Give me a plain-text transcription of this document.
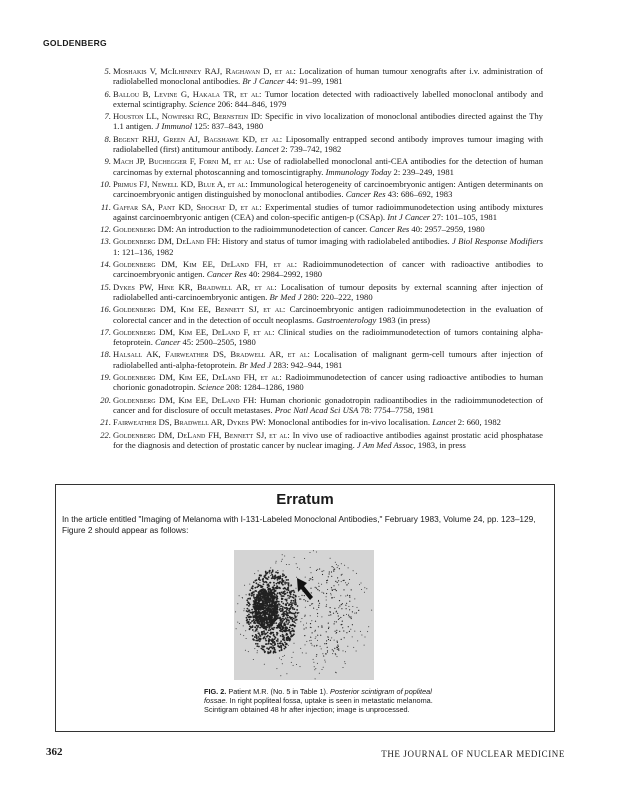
GOLDENBERG
5. Moshakis V, McIlhinney RAJ, Raghavan D, et al: Localization of human tumour xenografts after i.v. administration of radiolabelled monoclonal antibodies. Br J Cancer 44: 91–99, 1981
6. Ballou B, Levine G, Hakala TR, et al: Tumor location detected with radioactively labelled monoclonal antibody and external scintigraphy. Science 206: 844–846, 1979
7. Houston LL, Nowinski RC, Bernstein ID: Specific in vivo localization of monoclonal antibodies directed against the Thy 1.1 antigen. J Immunol 125: 837–843, 1980
8. Begent RHJ, Green AJ, Bagshawe KD, et al: Liposomally entrapped second antibody improves tumour imaging with radiolabelled (first) antitumour antibody. Lancet 2: 739–742, 1982
9. Mach JP, Buchegger F, Forni M, et al: Use of radiolabelled monoclonal anti-CEA antibodies for the detection of human carcinomas by external photoscanning and tomoscintigraphy. Immunology Today 2: 239–249, 1981
10. Primus FJ, Newell KD, Blue A, et al: Immunological heterogeneity of carcinoembryonic antigen: Antigen determinants on carcinoembryonic antigen distinguished by monoclonal antibodies. Cancer Res 43: 686–692, 1983
11. Gaffar SA, Pant KD, Shochat D, et al: Experimental studies of tumor radioimmunodetection using antibody mixtures against carcinoembryonic antigen (CEA) and colon-specific antigen-p (CSAp). Int J Cancer 27: 101–105, 1981
12. Goldenberg DM: An introduction to the radioimmunodetection of cancer. Cancer Res 40: 2957–2959, 1980
13. Goldenberg DM, DeLand FH: History and status of tumor imaging with radiolabeled antibodies. J Biol Response Modifiers 1: 121–136, 1982
14. Goldenberg DM, Kim EE, DeLand FH, et al: Radioimmunodetection of cancer with radioactive antibodies to carcinoembryonic antigen. Cancer Res 40: 2984–2992, 1980
15. Dykes PW, Hine KR, Bradwell AR, et al: Localisation of tumour deposits by external scanning after injection of radiolabelled anti-carcinoembryonic antigen. Br Med J 280: 220–222, 1980
16. Goldenberg DM, Kim EE, Bennett SJ, et al: Carcinoembryonic antigen radioimmunodetection in the evaluation of colorectal cancer and in the detection of occult neoplasms. Gastroenterology 1983 (in press)
17. Goldenberg DM, Kim EE, DeLand F, et al: Clinical studies on the radioimmunodetection of tumors containing alpha-fetoprotein. Cancer 45: 2500–2505, 1980
18. Halsall AK, Fairweather DS, Bradwell AR, et al: Localisation of malignant germ-cell tumours after injection of radiolabelled anti-alpha-fetoprotein. Br Med J 283: 942–944, 1981
19. Goldenberg DM, Kim EE, DeLand FH, et al: Radioimmunodetection of cancer using radioactive antibodies to human chorionic gonadotropin. Science 208: 1284–1286, 1980
20. Goldenberg DM, Kim EE, DeLand FH: Human chorionic gonadotropin radioantibodies in the radioimmunodetection of cancer and for disclosure of occult metastases. Proc Natl Acad Sci USA 78: 7754–7758, 1981
21. Fairweather DS, Bradwell AR, Dykes PW: Monoclonal antibodies for in-vivo localisation. Lancet 2: 660, 1982
22. Goldenberg DM, DeLand FH, Bennett SJ, et al: In vivo use of radioactive antibodies against prostatic acid phosphatase for the diagnosis and detection of prostatic cancer by nuclear imaging. J Am Med Assoc, 1983, in press
Erratum
In the article entitled "Imaging of Melanoma with I-131-Labeled Monoclonal Antibodies," February 1983, Volume 24, pp. 123–129, Figure 2 should appear as follows:
FIG. 2. Patient M.R. (No. 5 in Table 1). Posterior scintigram of popliteal fossae. In right popliteal fossa, uptake is seen in metastatic melanoma. Scintigram obtained 48 hr after injection; image is unprocessed.
362	THE JOURNAL OF NUCLEAR MEDICINE
